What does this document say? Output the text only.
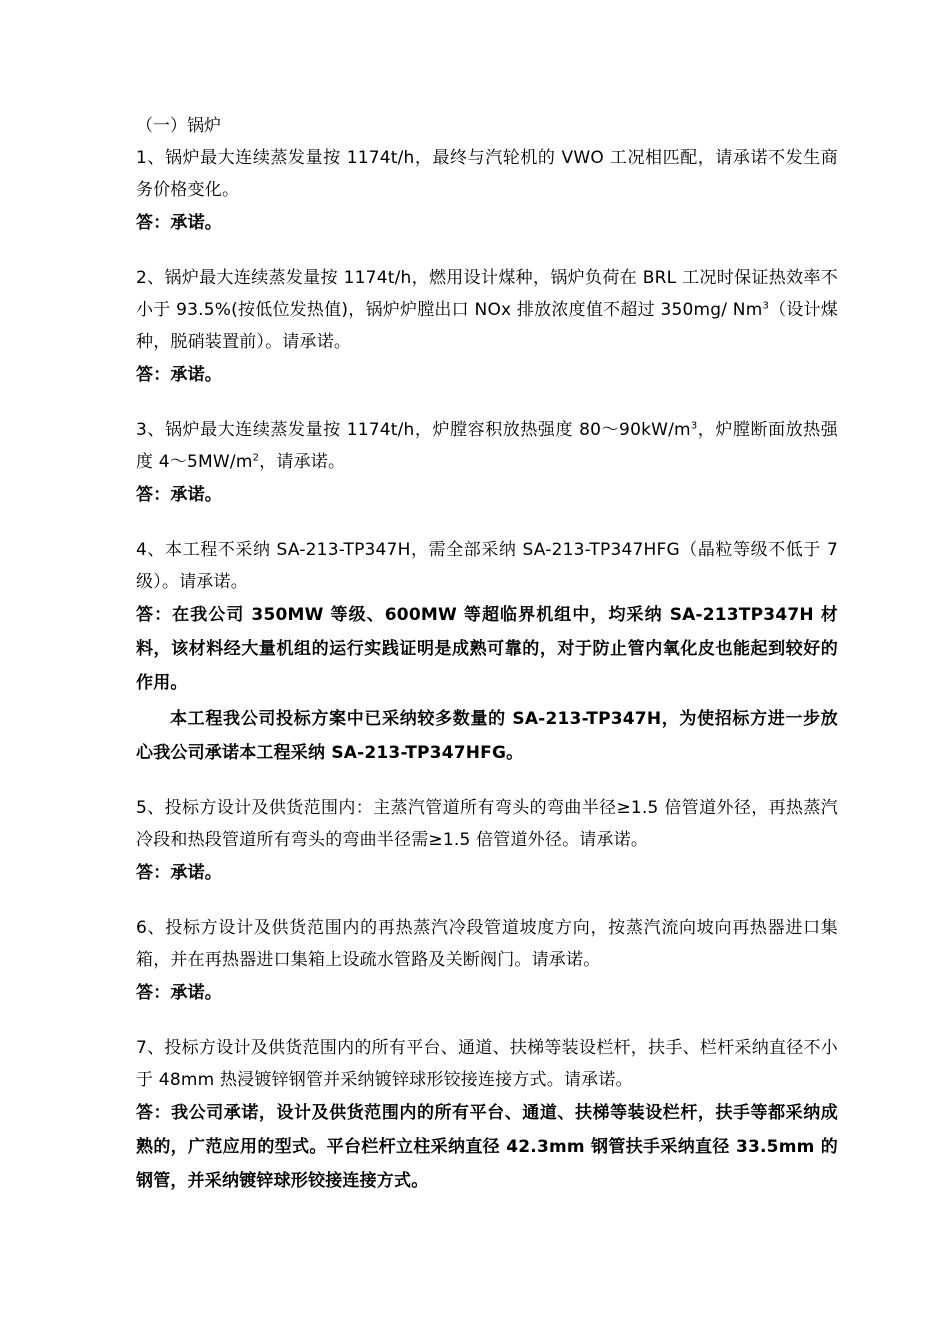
（一）锅炉

1、锅炉最大连续蒸发量按 1174t/h，最终与汽轮机的 VWO 工况相匹配，请承诺不发生商务价格变化。

答：承诺。

2、锅炉最大连续蒸发量按 1174t/h，燃用设计煤种，锅炉负荷在 BRL 工况时保证热效率不小于 93.5%(按低位发热值)，锅炉炉膛出口 NOx 排放浓度值不超过 350mg/ Nm$^3$（设计煤种，脱硝装置前）。请承诺。

答：承诺。

3、锅炉最大连续蒸发量按 1174t/h，炉膛容积放热强度 $80\sim 90kW/m^3$，炉膛断面放热强度 $4\sim 5MW/m^2$，请承诺。

答：承诺。

4、本工程不采纳 SA-213-TP347H，需全部采纳 SA-213-TP347HFG（晶粒等级不低于 7 级）。请承诺。

答：在我公司 350MW 等级、600MW 等超临界机组中，均采纳 SA-213TP347H 材料，该材料经大量机组的运行实践证明是成熟可靠的，对于防止管内氧化皮也能起到较好的作用。

本工程我公司投标方案中已采纳较多数量的 SA-213-TP347H，为使招标方进一步放心我公司承诺本工程采纳 SA-213-TP347HFG。

5、投标方设计及供货范围内：主蒸汽管道所有弯头的弯曲半径≥1.5 倍管道外径，再热蒸汽冷段和热段管道所有弯头的弯曲半径需≥1.5 倍管道外径。请承诺。

答：承诺。

6、投标方设计及供货范围内的再热蒸汽冷段管道坡度方向，按蒸汽流向坡向再热器进口集箱，并在再热器进口集箱上设疏水管路及关断阀门。请承诺。

答：承诺。

7、投标方设计及供货范围内的所有平台、通道、扶梯等装设栏杆，扶手、栏杆采纳直径不小于 48mm 热浸镀锌钢管并采纳镀锌球形铰接连接方式。请承诺。

答：我公司承诺，设计及供货范围内的所有平台、通道、扶梯等装设栏杆，扶手等都采纳成熟的，广范应用的型式。平台栏杆立柱采纳直径 42.3mm 钢管扶手采纳直径 33.5mm 的钢管，并采纳镀锌球形铰接连接方式。
